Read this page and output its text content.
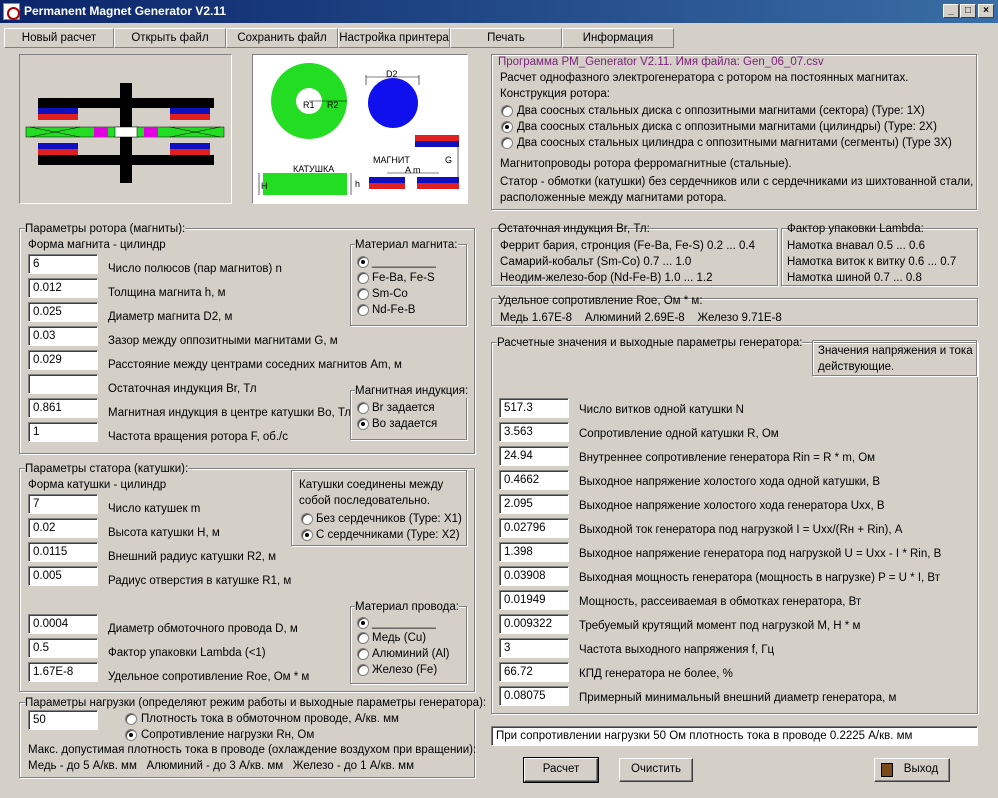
Permanent Magnet Generator V2.11	_	□	×
Новый расчет	Открыть файл	Сохранить файл	Настройка принтера	Печать	Информация
D2
R1 R2
КАТУШКА
МАГНИТ
H	h
A m
G
Программа PM_Generator V2.11. Имя файла: Gen_06_07.csv
Расчет однофазного электрогенератора с ротором на постоянных магнитах.
Конструкция ротора:
Два соосных стальных диска с оппозитными магнитами (сектора) (Type: 1X)
Два соосных стальных диска с оппозитными магнитами (цилиндры) (Type: 2X)
Два соосных стальных цилиндра с оппозитными магнитами (сегменты) (Type 3X)
Магнитопроводы ротора ферромагнитные (стальные).
Статор - обмотки (катушки) без сердечников или с сердечниками из шихтованной стали,
расположенные между магнитами ротора.
Остаточная индукция Br, Тл:
Феррит бария, стронция (Fe-Ba, Fe-S) 0.2 ... 0.4
Самарий-кобальт (Sm-Co) 0.7 ... 1.0
Неодим-железо-бор (Nd-Fe-B) 1.0 ... 1.2
Фактор упаковки Lambda:
Намотка внавал 0.5 ... 0.6
Намотка виток к витку 0.6 ... 0.7
Намотка шиной 0.7 ... 0.8
Удельное сопротивление Roe, Ом * м:
Медь 1.67E-8    Алюминий 2.69E-8    Железо 9.71E-8
Параметры ротора (магниты):
Форма магнита - цилиндр
6	Число полюсов (пар магнитов) n
0.012	Толщина магнита h, м
0.025	Диаметр магнита D2, м
0.03	Зазор между оппозитными магнитами G, м
0.029	Расстояние между центрами соседних магнитов Am, м
Остаточная индукция Br, Тл
0.861	Магнитная индукция в центре катушки Bo, Тл
1	Частота вращения ротора F, об./с
Материал магнита:
__________
Fe-Ba, Fe-S
Sm-Co
Nd-Fe-B
Магнитная индукция:
Br задается
Bo задается
Параметры статора (катушки):
Форма катушки - цилиндр
7	Число катушек m
0.02	Высота катушки H, м
0.0115	Внешний радиус катушки R2, м
0.005	Радиус отверстия в катушке R1, м
0.0004	Диаметр обмоточного провода D, м
0.5	Фактор упаковки Lambda (<1)
1.67E-8	Удельное сопротивление Roe, Ом * м
Катушки соединены между
собой последовательно.
Без сердечников (Type: X1)
С сердечниками (Type: X2)
Материал провода:
__________
Медь (Cu)
Алюминий (Al)
Железо (Fe)
Параметры нагрузки (определяют режим работы и выходные параметры генератора):
50	Плотность тока в обмоточном проводе, А/кв. мм
Сопротивление нагрузки Rн, Ом
Макс. допустимая плотность тока в проводе (охлаждение воздухом при вращении):
Медь - до 5 А/кв. мм   Алюминий - до 3 А/кв. мм   Железо - до 1 А/кв. мм
Расчетные значения и выходные параметры генератора:
Значения напряжения и тока действующие.
517.3	Число витков одной катушки N
3.563	Сопротивление одной катушки R, Ом
24.94	Внутреннее сопротивление генератора Rin = R * m, Ом
0.4662	Выходное напряжение холостого хода одной катушки, В
2.095	Выходное напряжение холостого хода генератора Uхх, В
0.02796	Выходной ток генератора под нагрузкой I = Uхх/(Rн + Rin), А
1.398	Выходное напряжение генератора под нагрузкой U = Uхх - I * Rin, В
0.03908	Выходная мощность генератора (мощность в нагрузке) P = U * I, Вт
0.01949	Мощность, рассеиваемая в обмотках генератора, Вт
0.009322	Требуемый крутящий момент под нагрузкой М, Н * м
3	Частота выходного напряжения f, Гц
66.72	КПД генератора не более, %
0.08075	Примерный минимальный внешний диаметр генератора, м
При сопротивлении нагрузки 50 Ом плотность тока в проводе 0.2225 А/кв. мм
Расчет	Очистить	Выход
